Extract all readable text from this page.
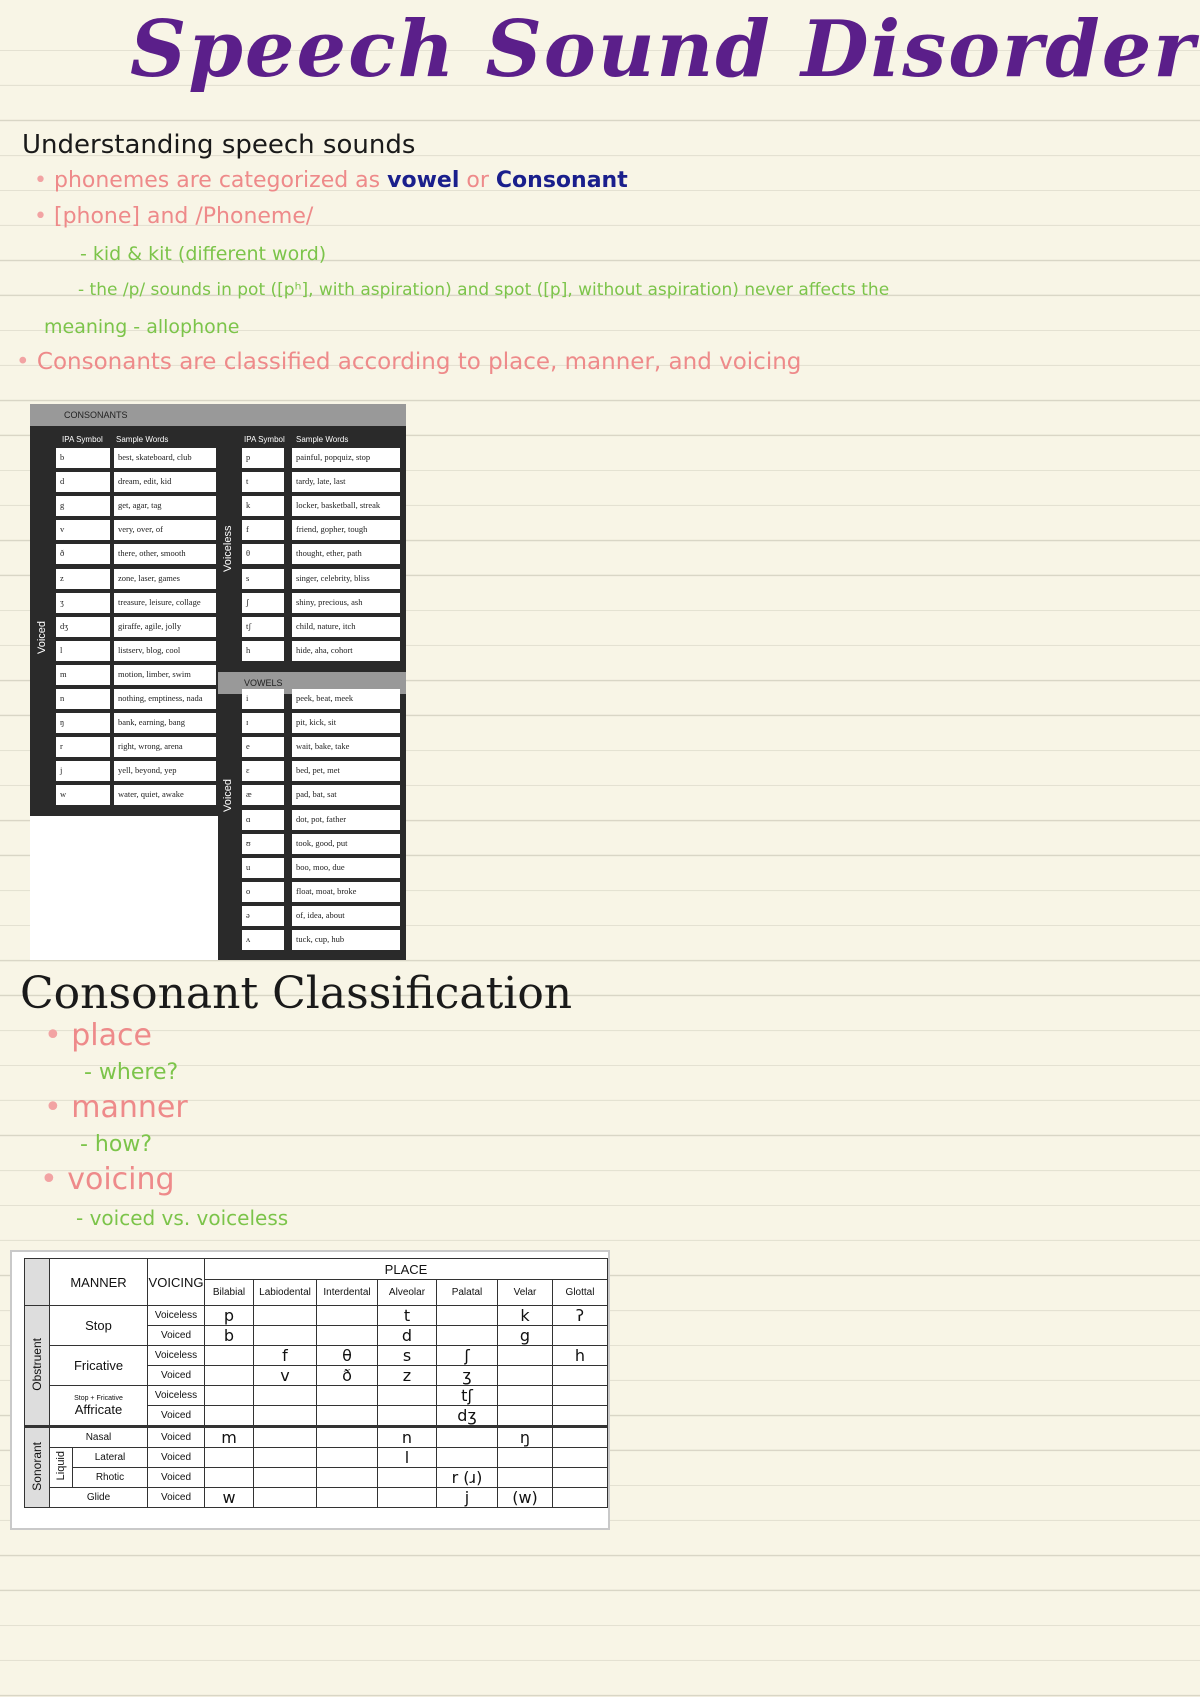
Speech Sound Disorder
Understanding speech sounds
• phonemes are categorized as vowel or Consonant
• [phone] and /Phoneme/
- kid & kit (different word)
- the /p/ sounds in pot ([pʰ], with aspiration) and spot ([p], without aspiration) never affects the
meaning - allophone
• Consonants are classified according to place, manner, and voicing
CONSONANTS
IPA Symbol Sample Words	IPA Symbol Sample Words
Voiced
Voiceless
Voiced
VOWELS
b	best, skateboard, club
d	dream, edit, kid
g	get, agar, tag
v	very, over, of
ð	there, other, smooth
z	zone, laser, games
ʒ	treasure, leisure, collage
dʒ	giraffe, agile, jolly
l	listserv, blog, cool
m	motion, limber, swim
n	nothing, emptiness, nada
ŋ	bank, earning, bang
r	right, wrong, arena
j	yell, beyond, yep
w	water, quiet, awake
p	painful, popquiz, stop
t	tardy, late, last
k	locker, basketball, streak
f	friend, gopher, tough
θ	thought, ether, path
s	singer, celebrity, bliss
ʃ	shiny, precious, ash
tʃ	child, nature, itch
h	hide, aha, cohort
i	peek, beat, meek
ɪ	pit, kick, sit
e	wait, bake, take
ɛ	bed, pet, met
æ	pad, bat, sat
ɑ	dot, pot, father
ʊ	took, good, put
u	boo, moo, due
o	float, moat, broke
ə	of, idea, about
ʌ	tuck, cup, hub
Consonant Classification
• place
- where?
• manner
- how?
• voicing
- voiced vs. voiceless
	MANNER		VOICING	PLACE						
				Bilabial	Labiodental	Interdental	Alveolar	Palatal	Velar	Glottal
Obstruent	Stop		Voiceless	p			t		k	ʔ
			Voiced	b			d		g	
	Fricative		Voiceless		f	θ	s	ʃ		h
			Voiced		v	ð	z	ʒ		

	Stop + Fricative
Affricate		Voiceless					tʃ		
			Voiced					dʒ		
Sonorant	Nasal		Voiced	m			n		ŋ	
	Liquid	Lateral	Voiced				l			
		Rhotic	Voiced					r (ɹ)		
	Glide		Voiced	w				j	(w)	
